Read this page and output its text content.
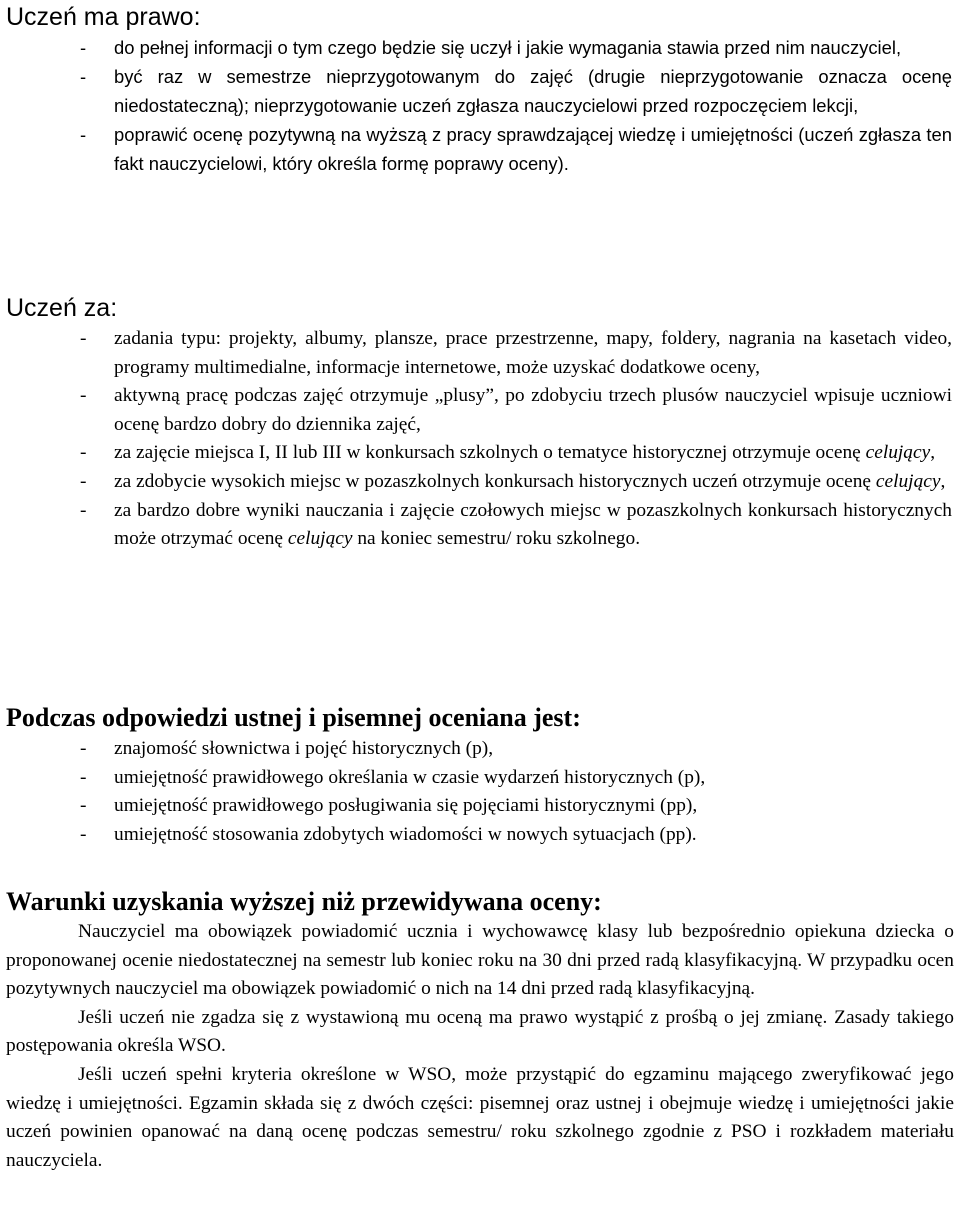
Uczeń ma prawo:
- do pełnej informacji o tym czego będzie się uczył i jakie wymagania stawia przed nim nauczyciel,
- być raz w semestrze nieprzygotowanym do zajęć (drugie nieprzygotowanie oznacza ocenę niedostateczną); nieprzygotowanie uczeń zgłasza nauczycielowi przed rozpoczęciem lekcji,
- poprawić ocenę pozytywną na wyższą z pracy sprawdzającej wiedzę i umiejętności (uczeń zgłasza ten fakt nauczycielowi, który określa formę poprawy oceny).
Uczeń za:
- zadania typu: projekty, albumy, plansze, prace przestrzenne, mapy, foldery, nagrania na kasetach video, programy multimedialne, informacje internetowe, może uzyskać dodatkowe oceny,
- aktywną pracę podczas zajęć otrzymuje „plusy”, po zdobyciu trzech plusów nauczyciel wpisuje uczniowi ocenę bardzo dobry do dziennika zajęć,
- za zajęcie miejsca I, II lub III w konkursach szkolnych o tematyce historycznej otrzymuje ocenę celujący,
- za zdobycie wysokich miejsc w pozaszkolnych konkursach historycznych uczeń otrzymuje ocenę celujący,
- za bardzo dobre wyniki nauczania i zajęcie czołowych miejsc w pozaszkolnych konkursach historycznych może otrzymać ocenę celujący na koniec semestru/ roku szkolnego.
Podczas odpowiedzi ustnej i pisemnej oceniana jest:
- znajomość słownictwa i pojęć historycznych (p),
- umiejętność prawidłowego określania w czasie wydarzeń historycznych (p),
- umiejętność prawidłowego posługiwania się pojęciami historycznymi (pp),
- umiejętność stosowania zdobytych wiadomości w nowych sytuacjach (pp).
Warunki uzyskania wyższej niż przewidywana oceny:

Nauczyciel ma obowiązek powiadomić ucznia i wychowawcę klasy lub bezpośrednio opiekuna dziecka o proponowanej ocenie niedostatecznej na semestr lub koniec roku na 30 dni przed radą klasyfikacyjną. W przypadku ocen pozytywnych nauczyciel ma obowiązek powiadomić o nich na 14 dni przed radą klasyfikacyjną.

Jeśli uczeń nie zgadza się z wystawioną mu oceną ma prawo wystąpić z prośbą o jej zmianę. Zasady takiego postępowania określa WSO.

Jeśli uczeń spełni kryteria określone w WSO, może przystąpić do egzaminu mającego zweryfikować jego wiedzę i umiejętności. Egzamin składa się z dwóch części: pisemnej oraz ustnej i obejmuje wiedzę i umiejętności jakie uczeń powinien opanować na daną ocenę podczas semestru/ roku szkolnego zgodnie z PSO i rozkładem materiału nauczyciela.
